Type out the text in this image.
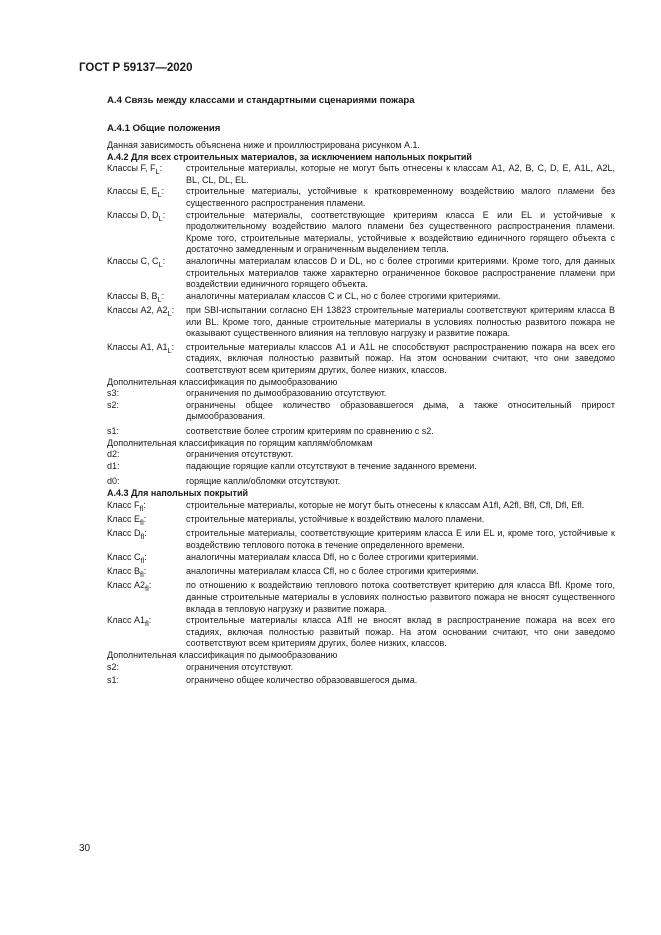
ГОСТ Р 59137—2020
А.4 Связь между классами и стандартными сценариями пожара
А.4.1 Общие положения
Данная зависимость объяснена ниже и проиллюстрирована рисунком А.1.
А.4.2 Для всех строительных материалов, за исключением напольных покрытий
Классы F, $F_L$:	строительные материалы, которые не могут быть отнесены к классам А1, А2, В, С, D, Е, А1L, А2L, BL, CL, DL, EL.
Классы Е, $Е_L$:	строительные материалы, устойчивые к кратковременному воздействию малого пламени без существенного распространения пламени.
Классы D, $D_L$:	строительные материалы, соответствующие критериям класса Е или ЕL и устойчивые к продолжительному воздействию малого пламени без существенного распространения пламени. Кроме того, строительные материалы, устойчивые к воздействию единичного горящего объекта с достаточно замедленным и ограниченным выделением тепла.
Классы С, $С_L$:	аналогичны материалам классов D и DL, но с более строгими критериями. Кроме того, для данных строительных материалов также характерно ограниченное боковое распространение пламени при воздействии единичного горящего объекта.
Классы В, $В_L$:	аналогичны материалам классов С и СL, но с более строгими критериями.
Классы А2, $А2_L$:	при SBI-испытании согласно ЕН 13823 строительные материалы соответствуют критериям класса В или ВL. Кроме того, данные строительные материалы в условиях полностью развитого пожара не оказывают существенного влияния на тепловую нагрузку и развитие пожара.
Классы А1, $А1_L$:	строительные материалы классов А1 и А1L не способствуют распространению пожара на всех его стадиях, включая полностью развитый пожар. На этом основании считают, что они заведомо соответствуют всем критериям других, более низких, классов.
Дополнительная классификация по дымообразованию
s3:	ограничения по дымообразованию отсутствуют.
s2:	ограничены общее количество образовавшегося дыма, а также относительный прирост дымообразования.
s1:	соответствие более строгим критериям по сравнению с s2.
Дополнительная классификация по горящим каплям/обломкам
d2:	ограничения отсутствуют.
d1:	падающие горящие капли отсутствуют в течение заданного времени.
d0:	горящие капли/обломки отсутствуют.
А.4.3 Для напольных покрытий
Класс $F_{fl}$:	строительные материалы, которые не могут быть отнесены к классам А1fl, А2fl, Вfl, Сfl, Dfl, Еfl.
Класс $Е_{fl}$:	строительные материалы, устойчивые к воздействию малого пламени.
Класс $D_{fl}$:	строительные материалы, соответствующие критериям класса Е или ЕL и, кроме того, устойчивые к воздействию теплового потока в течение определенного времени.
Класс $С_{fl}$:	аналогичны материалам класса Dfl, но с более строгими критериями.
Класс $В_{fl}$:	аналогичны материалам класса Сfl, но с более строгими критериями.
Класс $А2_{fl}$:	по отношению к воздействию теплового потока соответствует критерию для класса Вfl. Кроме того, данные строительные материалы в условиях полностью развитого пожара не вносят существенного вклада в тепловую нагрузку и развитие пожара.
Класс $А1_{fl}$:	строительные материалы класса А1fl не вносят вклад в распространение пожара на всех его стадиях, включая полностью развитый пожар. На этом основании считают, что они заведомо соответствуют всем критериям других, более низких, классов.
Дополнительная классификация по дымообразованию
s2:	ограничения отсутствуют.
s1:	ограничено общее количество образовавшегося дыма.
30
